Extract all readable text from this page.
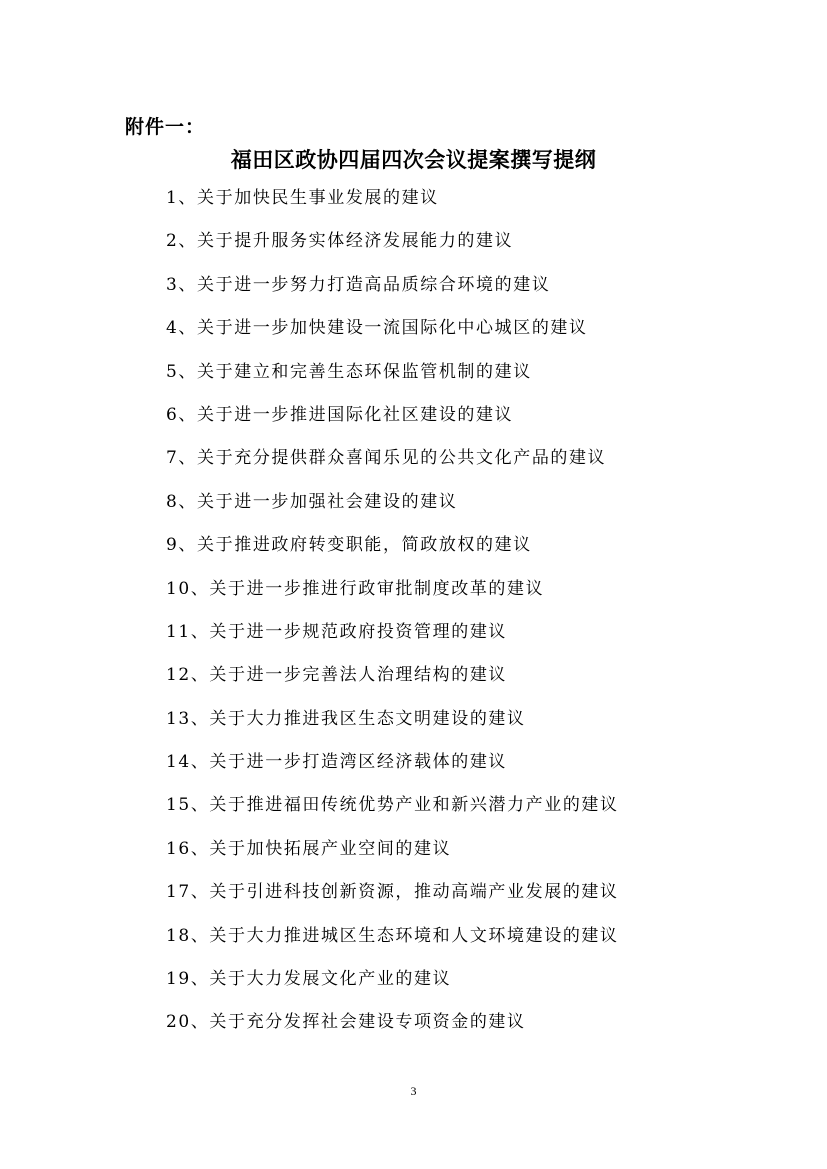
附件一：
福田区政协四届四次会议提案撰写提纲
1、关于加快民生事业发展的建议
2、关于提升服务实体经济发展能力的建议
3、关于进一步努力打造高品质综合环境的建议
4、关于进一步加快建设一流国际化中心城区的建议
5、关于建立和完善生态环保监管机制的建议
6、关于进一步推进国际化社区建设的建议
7、关于充分提供群众喜闻乐见的公共文化产品的建议
8、关于进一步加强社会建设的建议
9、关于推进政府转变职能，简政放权的建议
10、关于进一步推进行政审批制度改革的建议
11、关于进一步规范政府投资管理的建议
12、关于进一步完善法人治理结构的建议
13、关于大力推进我区生态文明建设的建议
14、关于进一步打造湾区经济载体的建议
15、关于推进福田传统优势产业和新兴潜力产业的建议
16、关于加快拓展产业空间的建议
17、关于引进科技创新资源，推动高端产业发展的建议
18、关于大力推进城区生态环境和人文环境建设的建议
19、关于大力发展文化产业的建议
20、关于充分发挥社会建设专项资金的建议
3
